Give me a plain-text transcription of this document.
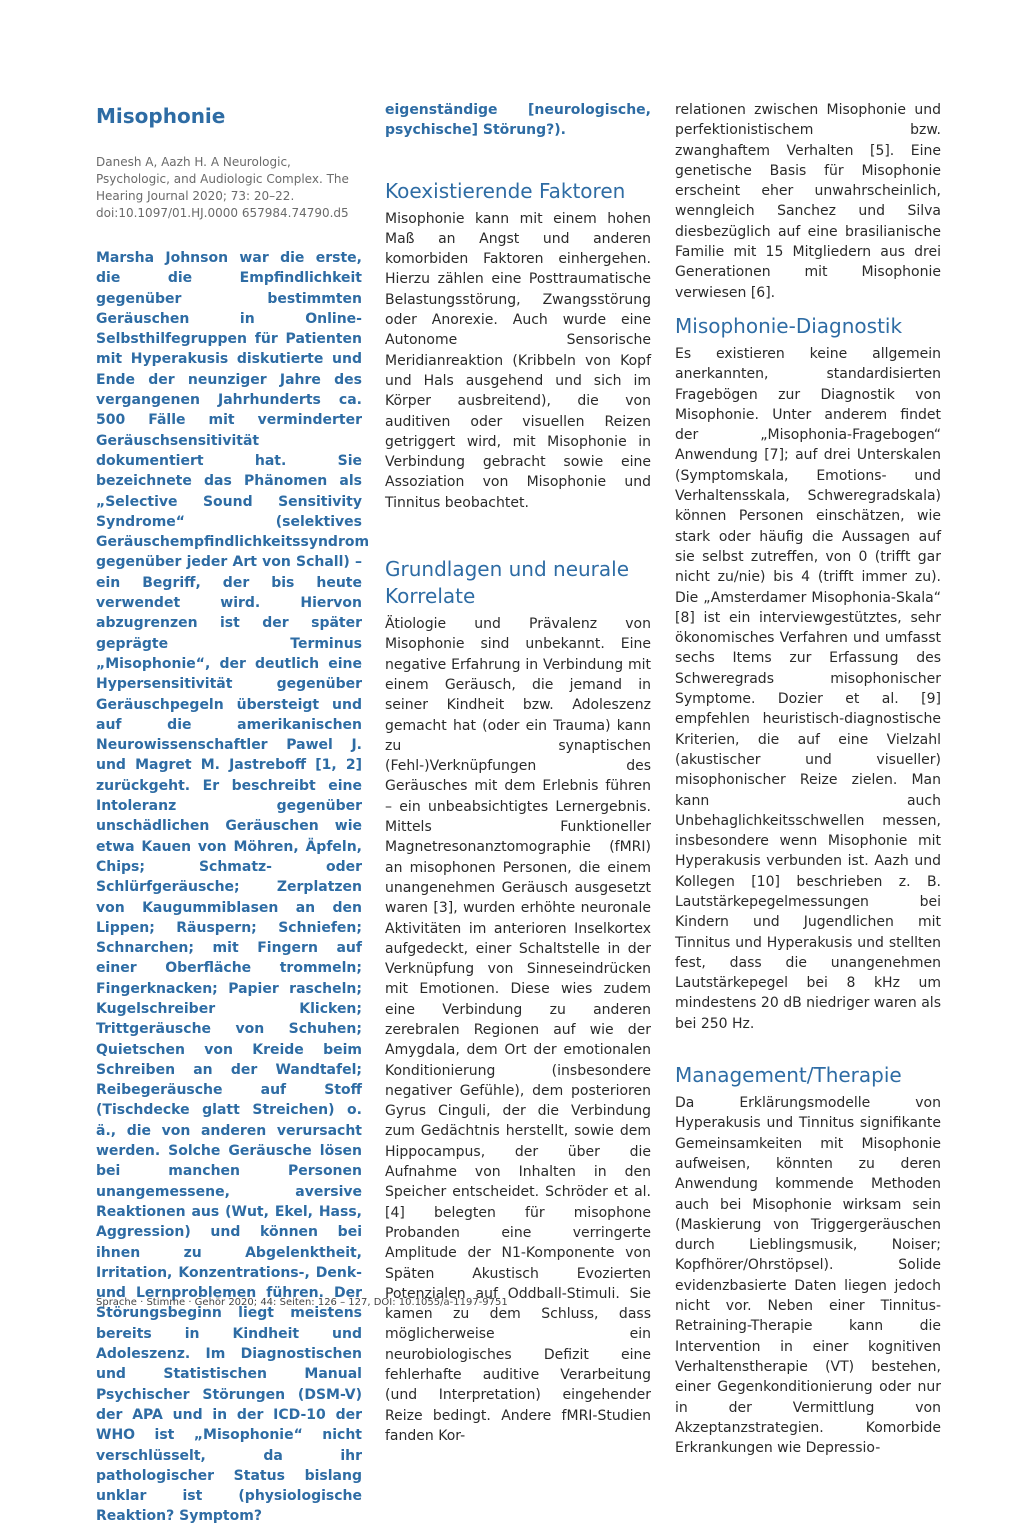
Misophonie

Danesh A, Aazh H. A Neurologic, Psychologic, and Audiologic Complex. The Hearing Journal 2020; 73: 20–22. doi:10.1097/01.HJ.0000 657984.74790.d5

Marsha Johnson war die erste, die die Empfindlichkeit gegenüber bestimmten Geräuschen in Online-Selbsthilfegruppen für Patienten mit Hyperakusis diskutierte und Ende der neunziger Jahre des vergangenen Jahrhunderts ca. 500 Fälle mit verminderter Geräuschsensitivität dokumentiert hat. Sie bezeichnete das Phänomen als „Selective Sound Sensitivity Syndrome“ (selektives Geräuschempfindlichkeitssyndrom gegenüber jeder Art von Schall) – ein Begriff, der bis heute verwendet wird. Hiervon abzugrenzen ist der später geprägte Terminus „Misophonie“, der deutlich eine Hypersensitivität gegenüber Geräuschpegeln übersteigt und auf die amerikanischen Neurowissenschaftler Pawel J. und Magret M. Jastreboff [1, 2] zurückgeht. Er beschreibt eine Intoleranz gegenüber unschädlichen Geräuschen wie etwa Kauen von Möhren, Äpfeln, Chips; Schmatz- oder Schlürfgeräusche; Zerplatzen von Kaugummiblasen an den Lippen; Räuspern; Schniefen; Schnarchen; mit Fingern auf einer Oberfläche trommeln; Fingerknacken; Papier rascheln; Kugelschreiber Klicken; Trittgeräusche von Schuhen; Quietschen von Kreide beim Schreiben an der Wandtafel; Reibegeräusche auf Stoff (Tischdecke glatt Streichen) o. ä., die von anderen verursacht werden. Solche Geräusche lösen bei manchen Personen unangemessene, aversive Reaktionen aus (Wut, Ekel, Hass, Aggression) und können bei ihnen zu Abgelenktheit, Irritation, Konzentrations-, Denk- und Lernproblemen führen. Der Störungsbeginn liegt meistens bereits in Kindheit und Adoleszenz. Im Diagnostischen und Statistischen Manual Psychischer Störungen (DSM-V) der APA und in der ICD-10 der WHO ist „Misophonie“ nicht verschlüsselt, da ihr pathologischer Status bislang unklar ist (physiologische Reaktion? Symptom?

eigenständige [neurologische, psychische] Störung?).

Koexistierende Faktoren

Misophonie kann mit einem hohen Maß an Angst und anderen komorbiden Faktoren einhergehen. Hierzu zählen eine Posttraumatische Belastungsstörung, Zwangsstörung oder Anorexie. Auch wurde eine Autonome Sensorische Meridianreaktion (Kribbeln von Kopf und Hals ausgehend und sich im Körper ausbreitend), die von auditiven oder visuellen Reizen getriggert wird, mit Misophonie in Verbindung gebracht sowie eine Assoziation von Misophonie und Tinnitus beobachtet.

Grundlagen und neurale Korrelate

Ätiologie und Prävalenz von Misophonie sind unbekannt. Eine negative Erfahrung in Verbindung mit einem Geräusch, die jemand in seiner Kindheit bzw. Adoleszenz gemacht hat (oder ein Trauma) kann zu synaptischen (Fehl-)Verknüpfungen des Geräusches mit dem Erlebnis führen – ein unbeabsichtigtes Lernergebnis. Mittels Funktioneller Magnetresonanztomographie (fMRI) an misophonen Personen, die einem unangenehmen Geräusch ausgesetzt waren [3], wurden erhöhte neuronale Aktivitäten im anterioren Inselkortex aufgedeckt, einer Schaltstelle in der Verknüpfung von Sinneseindrücken mit Emotionen. Diese wies zudem eine Verbindung zu anderen zerebralen Regionen auf wie der Amygdala, dem Ort der emotionalen Konditionierung (insbesondere negativer Gefühle), dem posterioren Gyrus Cinguli, der die Verbindung zum Gedächtnis herstellt, sowie dem Hippocampus, der über die Aufnahme von Inhalten in den Speicher entscheidet. Schröder et al. [4] belegten für misophone Probanden eine verringerte Amplitude der N1-Komponente von Späten Akustisch Evozierten Potenzialen auf Oddball-Stimuli. Sie kamen zu dem Schluss, dass möglicherweise ein neurobiologisches Defizit eine fehlerhafte auditive Verarbeitung (und Interpretation) eingehender Reize bedingt. Andere fMRI-Studien fanden Kor-

relationen zwischen Misophonie und perfektionistischem bzw. zwanghaftem Verhalten [5]. Eine genetische Basis für Misophonie erscheint eher unwahrscheinlich, wenngleich Sanchez und Silva diesbezüglich auf eine brasilianische Familie mit 15 Mitgliedern aus drei Generationen mit Misophonie verwiesen [6].

Misophonie-Diagnostik

Es existieren keine allgemein anerkannten, standardisierten Fragebögen zur Diagnostik von Misophonie. Unter anderem findet der „Misophonia-Fragebogen“ Anwendung [7]; auf drei Unterskalen (Symptomskala, Emotions- und Verhaltensskala, Schweregradskala) können Personen einschätzen, wie stark oder häufig die Aussagen auf sie selbst zutreffen, von 0 (trifft gar nicht zu/nie) bis 4 (trifft immer zu). Die „Amsterdamer Misophonia-Skala“ [8] ist ein interviewgestütztes, sehr ökonomisches Verfahren und umfasst sechs Items zur Erfassung des Schweregrads misophonischer Symptome. Dozier et al. [9] empfehlen heuristisch-diagnostische Kriterien, die auf eine Vielzahl (akustischer und visueller) misophonischer Reize zielen. Man kann auch Unbehaglichkeitsschwellen messen, insbesondere wenn Misophonie mit Hyperakusis verbunden ist. Aazh und Kollegen [10] beschrieben z. B. Lautstärkepegelmessungen bei Kindern und Jugendlichen mit Tinnitus und Hyperakusis und stellten fest, dass die unangenehmen Lautstärkepegel bei 8 kHz um mindestens 20 dB niedriger waren als bei 250 Hz.

Management/Therapie

Da Erklärungsmodelle von Hyperakusis und Tinnitus signifikante Gemeinsamkeiten mit Misophonie aufweisen, könnten zu deren Anwendung kommende Methoden auch bei Misophonie wirksam sein (Maskierung von Triggergeräuschen durch Lieblingsmusik, Noiser; Kopfhörer/Ohrstöpsel). Solide evidenzbasierte Daten liegen jedoch nicht vor. Neben einer Tinnitus-Retraining-Therapie kann die Intervention in einer kognitiven Verhaltenstherapie (VT) bestehen, einer Gegenkonditionierung oder nur in der Vermittlung von Akzeptanzstrategien. Komorbide Erkrankungen wie Depressio-

Sprache · Stimme · Gehör 2020; 44: Seiten: 126 – 127, DOI: 10.1055/a-1197-9751
